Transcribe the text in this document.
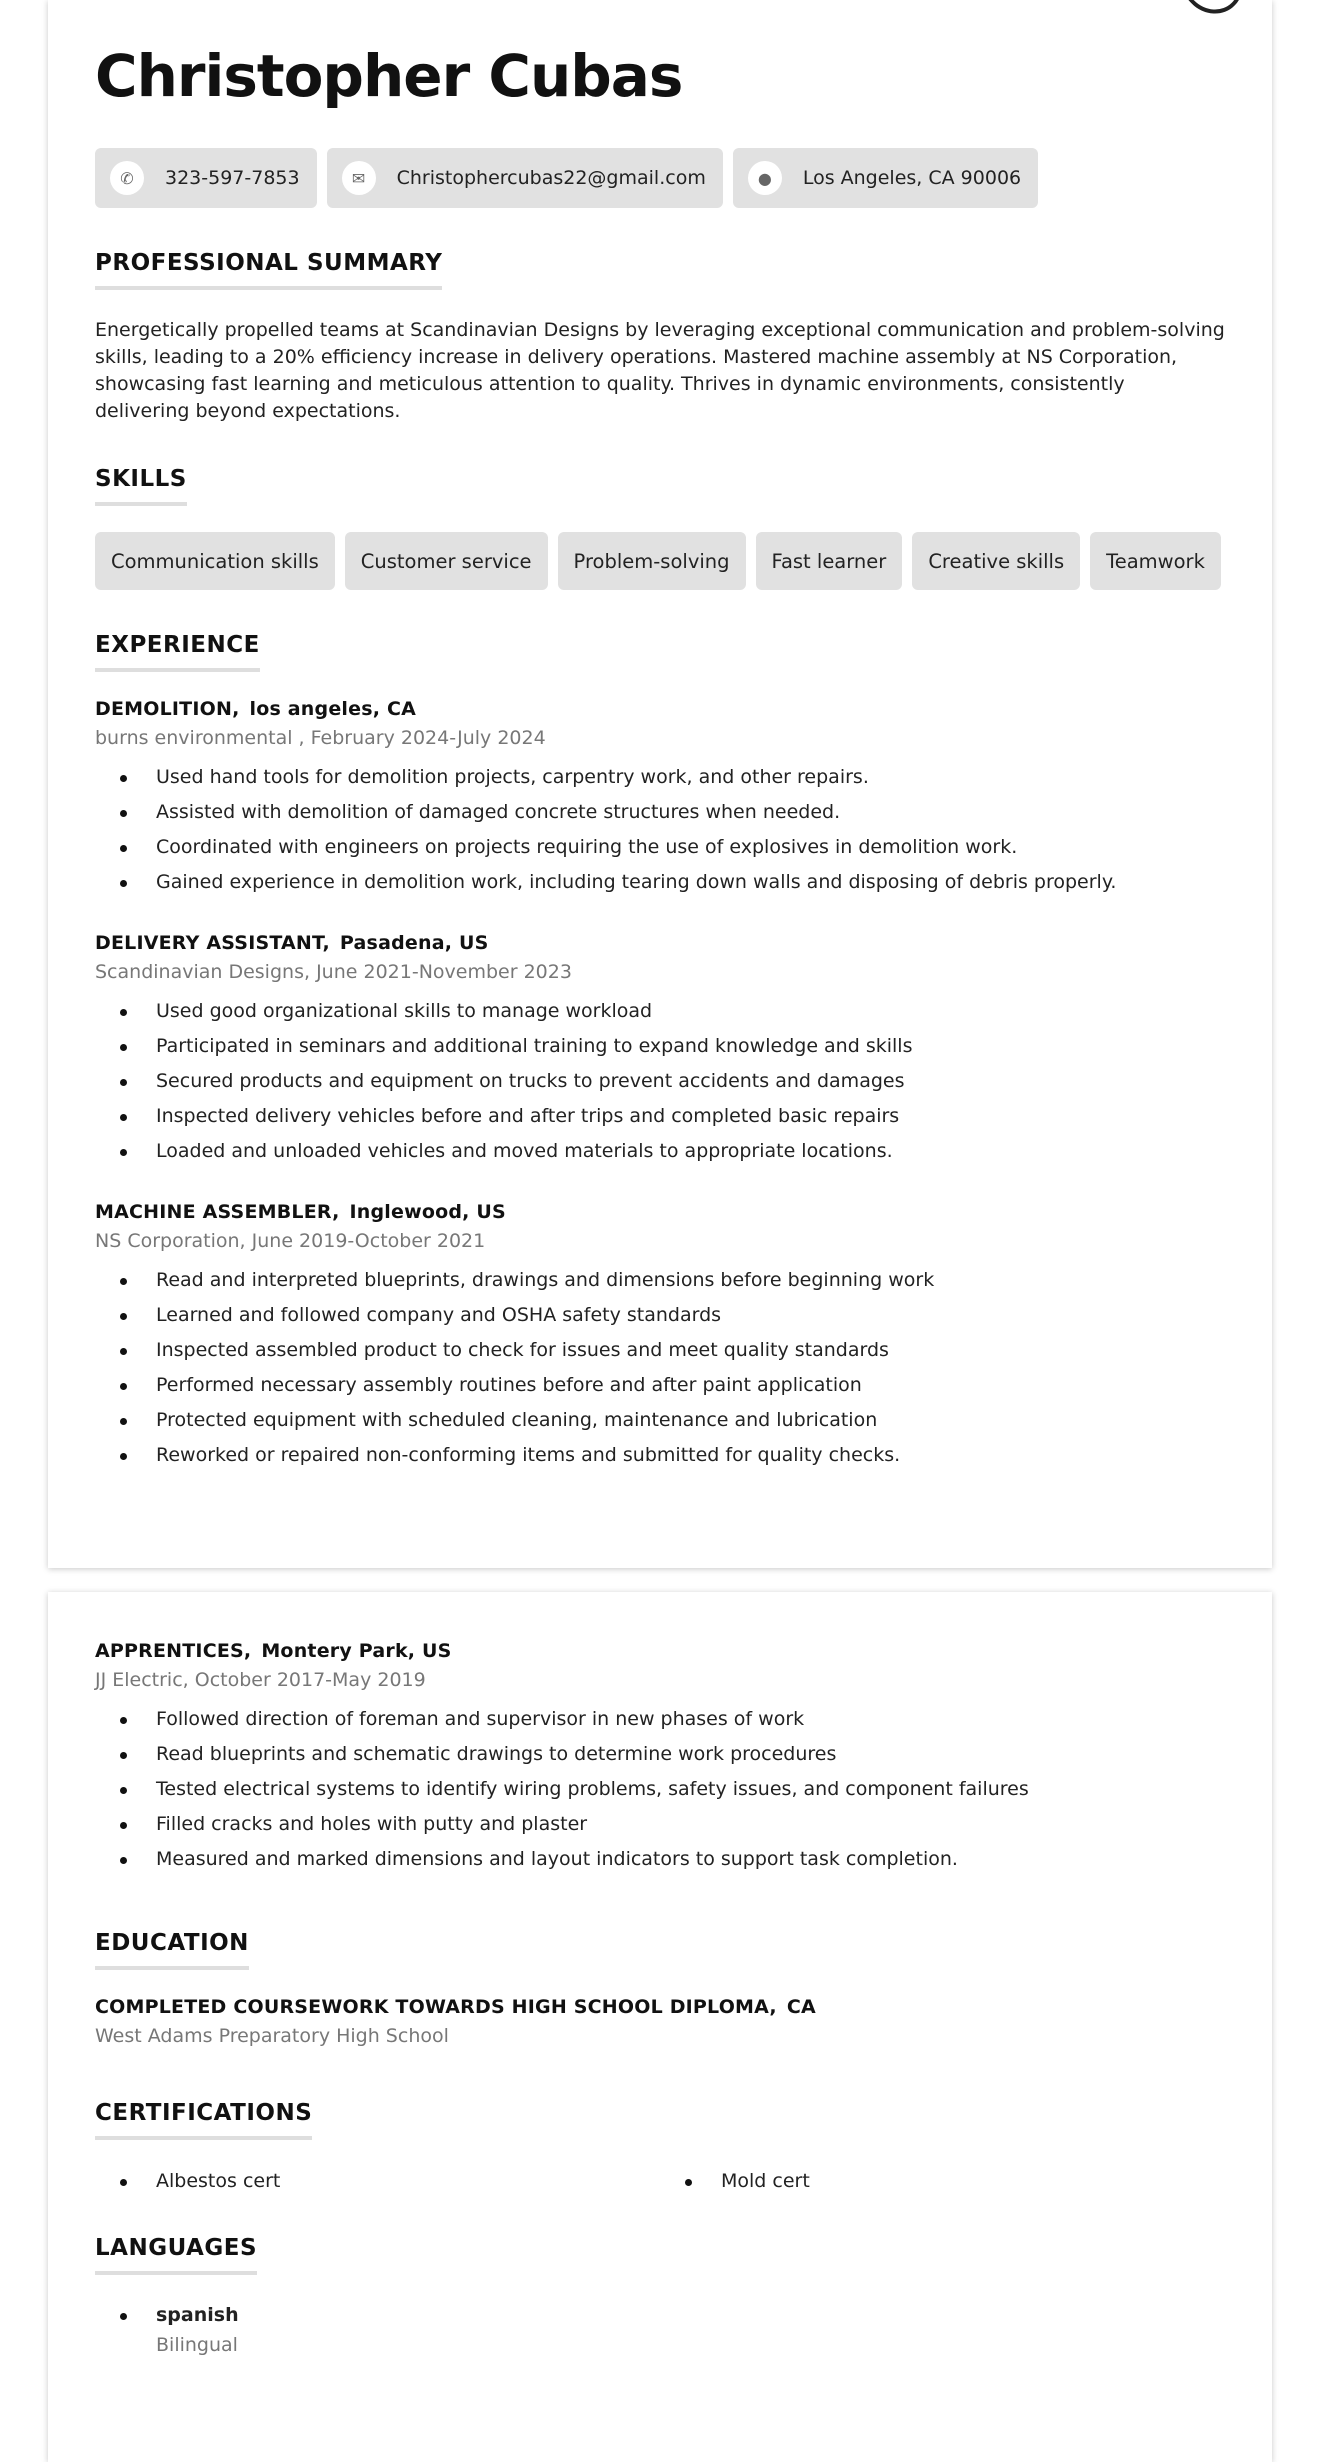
Christopher Cubas
✆	323-597-7853	✉	Christophercubas22@gmail.com	●	Los Angeles, CA 90006
PROFESSIONAL SUMMARY

Energetically propelled teams at Scandinavian Designs by leveraging exceptional communication and problem-solving skills, leading to a 20% efficiency increase in delivery operations. Mastered machine assembly at NS Corporation, showcasing fast learning and meticulous attention to quality. Thrives in dynamic environments, consistently delivering beyond expectations.

SKILLS
Communication skills	Customer service	Problem-solving	Fast learner	Creative skills	Teamwork
EXPERIENCE

DEMOLITION, los angeles, CA

burns environmental , February 2024-July 2024

Used hand tools for demolition projects, carpentry work, and other repairs.
Assisted with demolition of damaged concrete structures when needed.
Coordinated with engineers on projects requiring the use of explosives in demolition work.
Gained experience in demolition work, including tearing down walls and disposing of debris properly.

DELIVERY ASSISTANT, Pasadena, US

Scandinavian Designs, June 2021-November 2023

Used good organizational skills to manage workload
Participated in seminars and additional training to expand knowledge and skills
Secured products and equipment on trucks to prevent accidents and damages
Inspected delivery vehicles before and after trips and completed basic repairs
Loaded and unloaded vehicles and moved materials to appropriate locations.

MACHINE ASSEMBLER, Inglewood, US

NS Corporation, June 2019-October 2021

Read and interpreted blueprints, drawings and dimensions before beginning work
Learned and followed company and OSHA safety standards
Inspected assembled product to check for issues and meet quality standards
Performed necessary assembly routines before and after paint application
Protected equipment with scheduled cleaning, maintenance and lubrication
Reworked or repaired non-conforming items and submitted for quality checks.

APPRENTICES, Montery Park, US

JJ Electric, October 2017-May 2019

Followed direction of foreman and supervisor in new phases of work
Read blueprints and schematic drawings to determine work procedures
Tested electrical systems to identify wiring problems, safety issues, and component failures
Filled cracks and holes with putty and plaster
Measured and marked dimensions and layout indicators to support task completion.
EDUCATION

COMPLETED COURSEWORK TOWARDS HIGH SCHOOL DIPLOMA, CA

West Adams Preparatory High School

CERTIFICATIONS
Albestos cert	Mold cert
LANGUAGES
spanish
Bilingual
